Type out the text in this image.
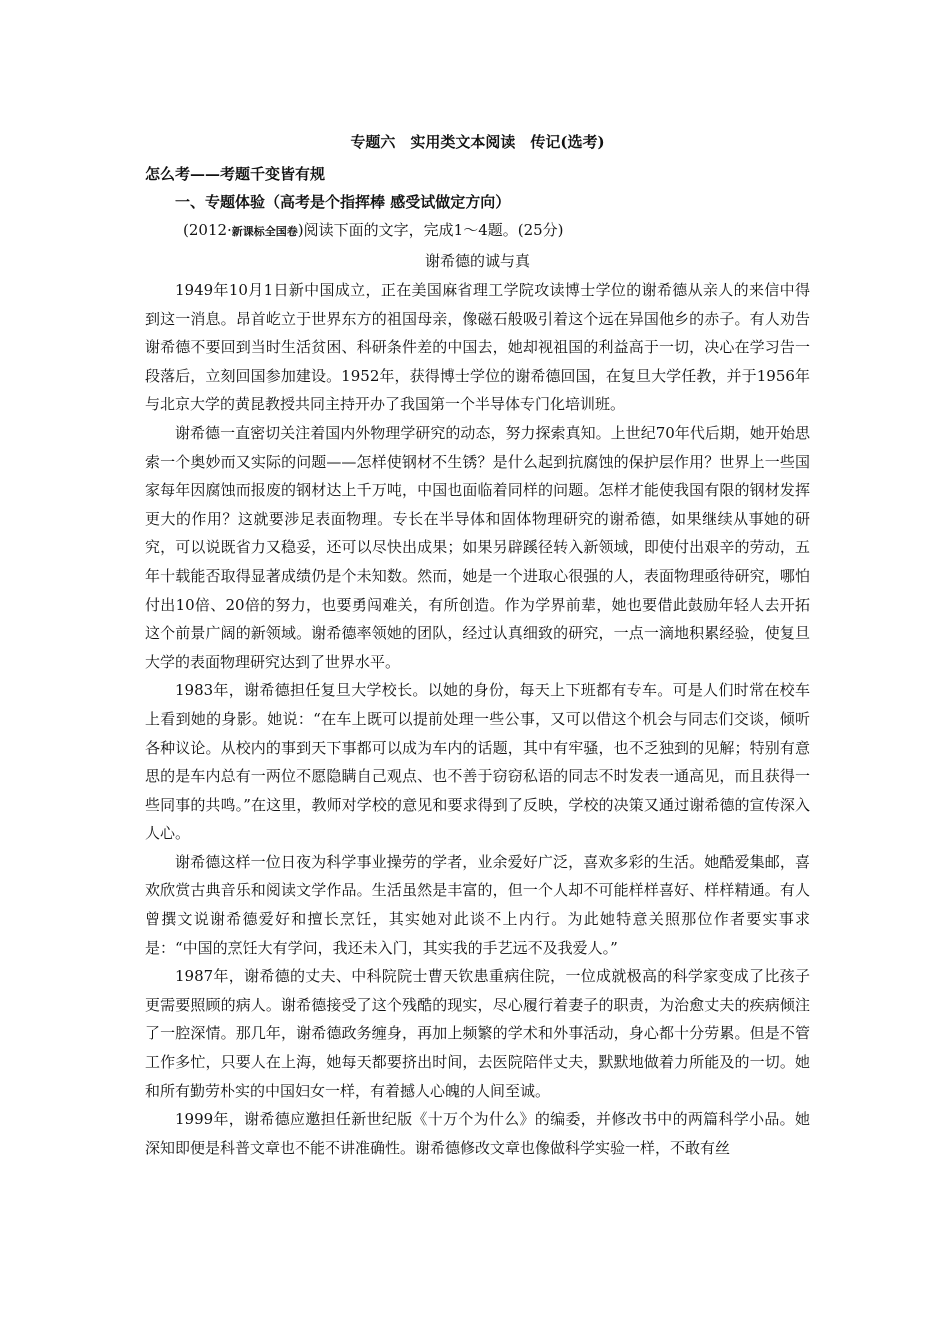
专题六　实用类文本阅读　传记(选考)

怎么考——考题千变皆有规

一、专题体验（高考是个指挥棒 感受试做定方向）

(2012·新课标全国卷)阅读下面的文字，完成1～4题。(25分)

谢希德的诚与真

1949年10月1日新中国成立，正在美国麻省理工学院攻读博士学位的谢希德从亲人的来信中得到这一消息。昂首屹立于世界东方的祖国母亲，像磁石般吸引着这个远在异国他乡的赤子。有人劝告谢希德不要回到当时生活贫困、科研条件差的中国去，她却视祖国的利益高于一切，决心在学习告一段落后，立刻回国参加建设。1952年，获得博士学位的谢希德回国，在复旦大学任教，并于1956年与北京大学的黄昆教授共同主持开办了我国第一个半导体专门化培训班。

谢希德一直密切关注着国内外物理学研究的动态，努力探索真知。上世纪70年代后期，她开始思索一个奥妙而又实际的问题——怎样使钢材不生锈？是什么起到抗腐蚀的保护层作用？世界上一些国家每年因腐蚀而报废的钢材达上千万吨，中国也面临着同样的问题。怎样才能使我国有限的钢材发挥更大的作用？这就要涉足表面物理。专长在半导体和固体物理研究的谢希德，如果继续从事她的研究，可以说既省力又稳妥，还可以尽快出成果；如果另辟蹊径转入新领域，即使付出艰辛的劳动，五年十载能否取得显著成绩仍是个未知数。然而，她是一个进取心很强的人，表面物理亟待研究，哪怕付出10倍、20倍的努力，也要勇闯难关，有所创造。作为学界前辈，她也要借此鼓励年轻人去开拓这个前景广阔的新领域。谢希德率领她的团队，经过认真细致的研究，一点一滴地积累经验，使复旦大学的表面物理研究达到了世界水平。

1983年，谢希德担任复旦大学校长。以她的身份，每天上下班都有专车。可是人们时常在校车上看到她的身影。她说：“在车上既可以提前处理一些公事，又可以借这个机会与同志们交谈，倾听各种议论。从校内的事到天下事都可以成为车内的话题，其中有牢骚，也不乏独到的见解；特别有意思的是车内总有一两位不愿隐瞒自己观点、也不善于窃窃私语的同志不时发表一通高见，而且获得一些同事的共鸣。”在这里，教师对学校的意见和要求得到了反映，学校的决策又通过谢希德的宣传深入人心。

谢希德这样一位日夜为科学事业操劳的学者，业余爱好广泛，喜欢多彩的生活。她酷爱集邮，喜欢欣赏古典音乐和阅读文学作品。生活虽然是丰富的，但一个人却不可能样样喜好、样样精通。有人曾撰文说谢希德爱好和擅长烹饪，其实她对此谈不上内行。为此她特意关照那位作者要实事求是：“中国的烹饪大有学问，我还未入门，其实我的手艺远不及我爱人。”

1987年，谢希德的丈夫、中科院院士曹天钦患重病住院，一位成就极高的科学家变成了比孩子更需要照顾的病人。谢希德接受了这个残酷的现实，尽心履行着妻子的职责，为治愈丈夫的疾病倾注了一腔深情。那几年，谢希德政务缠身，再加上频繁的学术和外事活动，身心都十分劳累。但是不管工作多忙，只要人在上海，她每天都要挤出时间，去医院陪伴丈夫，默默地做着力所能及的一切。她和所有勤劳朴实的中国妇女一样，有着撼人心魄的人间至诚。

1999年，谢希德应邀担任新世纪版《十万个为什么》的编委，并修改书中的两篇科学小品。她深知即便是科普文章也不能不讲准确性。谢希德修改文章也像做科学实验一样，不敢有丝
